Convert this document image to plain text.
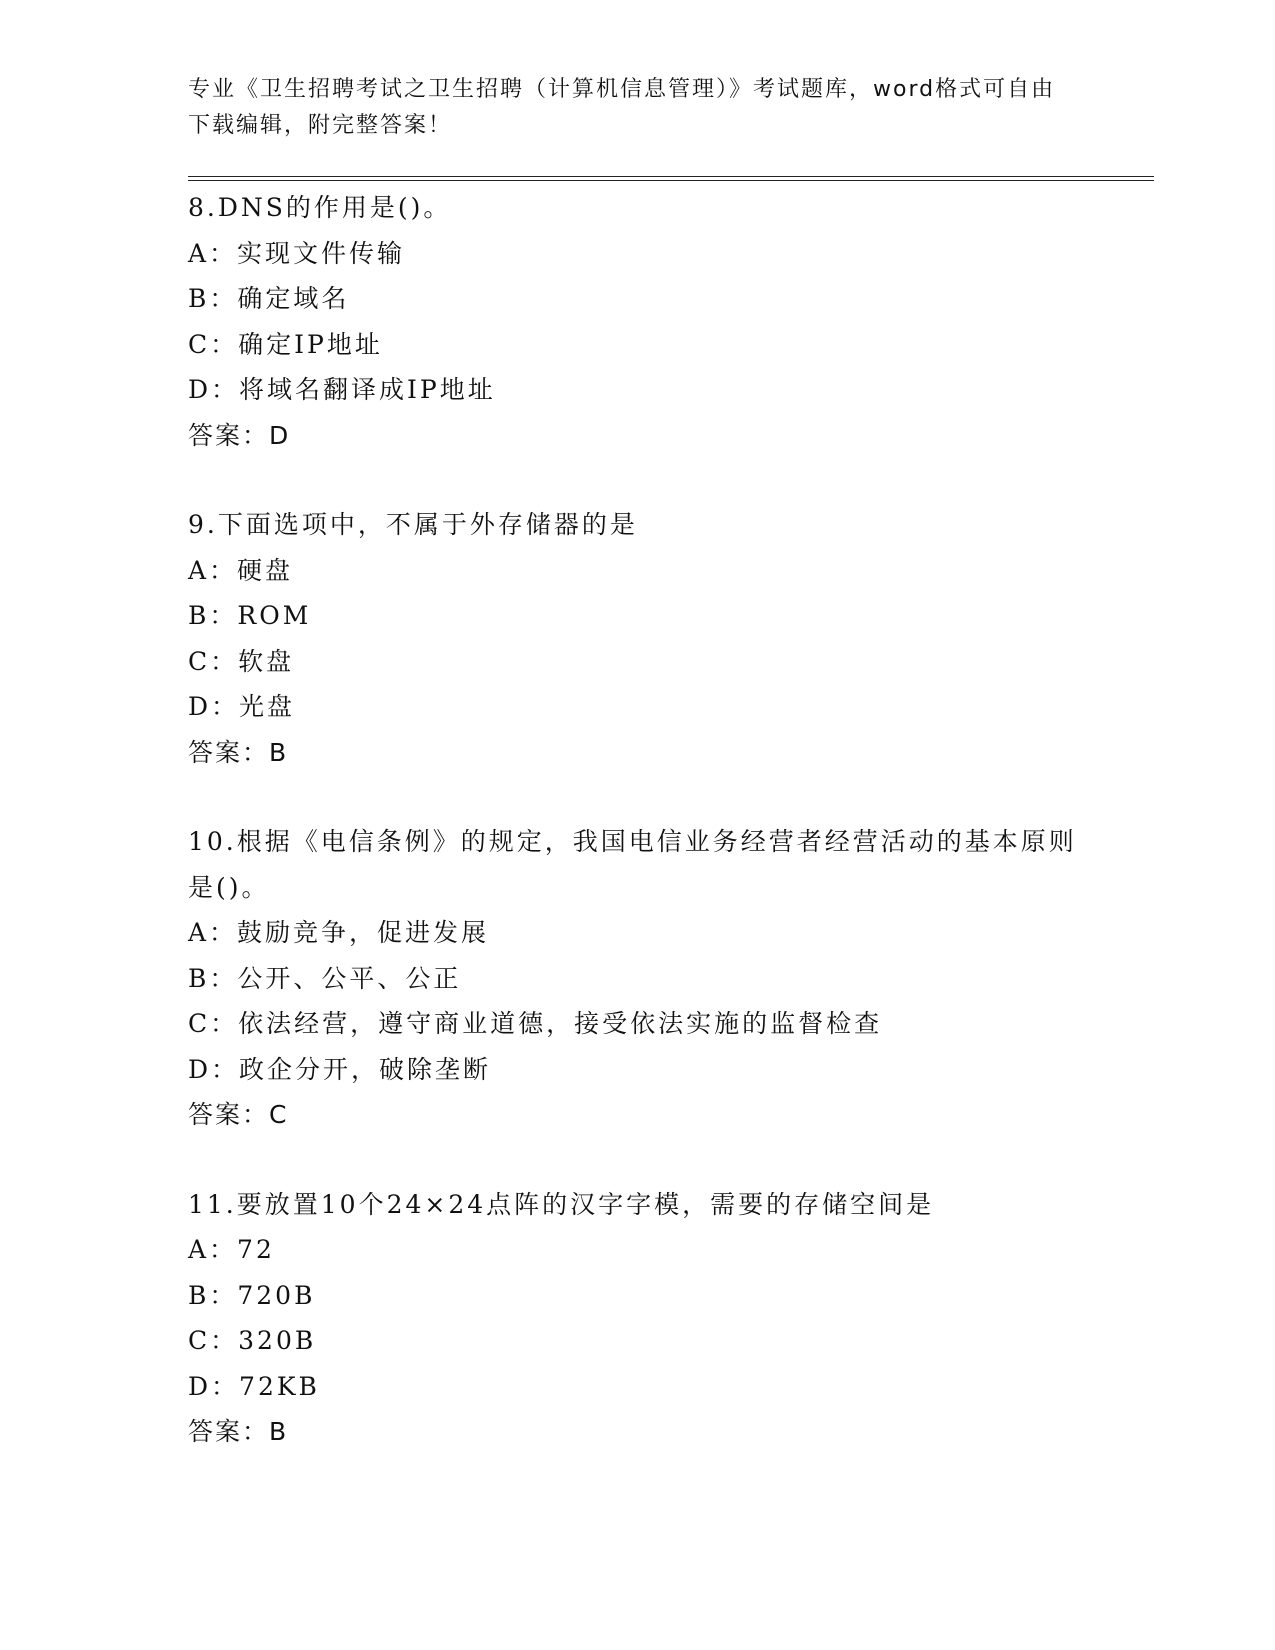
专业《卫生招聘考试之卫生招聘（计算机信息管理）》考试题库，word格式可自由下载编辑，附完整答案！
8.DNS的作用是()。
A：实现文件传输
B：确定域名
C：确定IP地址
D：将域名翻译成IP地址
答案：D
9.下面选项中，不属于外存储器的是
A：硬盘
B：ROM
C：软盘
D：光盘
答案：B
10.根据《电信条例》的规定，我国电信业务经营者经营活动的基本原则是()。
A：鼓励竞争，促进发展
B：公开、公平、公正
C：依法经营，遵守商业道德，接受依法实施的监督检查
D：政企分开，破除垄断
答案：C
11.要放置10个24×24点阵的汉字字模，需要的存储空间是
A：72
B：720B
C：320B
D：72KB
答案：B
